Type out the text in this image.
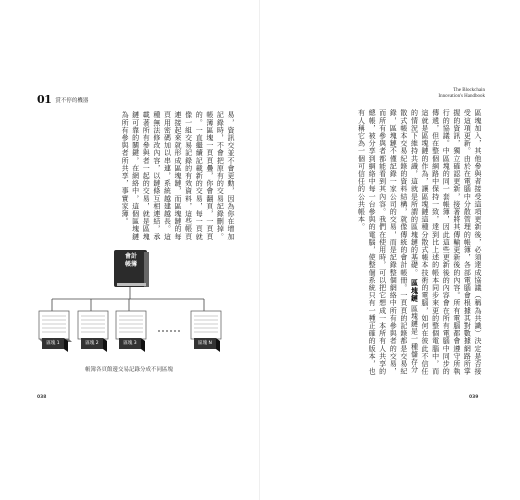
01 賞不停的機器
易，資訊交並不會更動，因為你在增加記錄時，不會把原有的交易記錄刪掉。帳簿區塊一頁頁疊，你會翻頁，一頁頁的。一直繼續記載新的交易，每一頁就像一組交易記錄的有效資料，這些帳頁連接起來就形成區塊鏈，而區塊鏈的每頁用密碼加以串連，系統越建越長。這種無法修改內容，以鏈條互相連結，承載著所有參與者一起的交易，就是區塊鏈可靠的關鍵，在網絡中，這個區塊鏈為所有參與者所共享，事實家簿。
會計
帳簿
區塊 1	區塊 2	區塊 3	區塊 N
帳簿各頁館邊交易記錄分成不同區塊
038
The Blockchain
Innovation's Handbook
區塊加入，其他參與者接受這項更新後，必須達成協議（稱為共識）決定是否接受這項更新。由於在電腦中分散管理的帳簿，各部電腦會根據其對數據網路所掌握的資訊，獨立確認更新，接著將其傳輸更新後的內容。所有電腦都會遵守所執行的協議。中區塊的同一套帳簿，因此這些更新後的內容會在所有電腦中同步的傳遞，但在整個網路中保持一致，達到比上述的帳本同步來更的整個電腦中，而這就是區塊鏈的作為，讓區塊鏈這種分散式帳本技術的電腦，如何在彼此不信任的情況下維持共識，這就是所謂的區塊鏈的基礎。 區塊鏈 區塊鏈是一種儲存分散式帳本交易紀錄的資料結構，就像傳統的會計帳冊。一頁頁的記錄都是交易紀錄，區塊鏈不僅記錄一家公司的交易，而是記錄整個網絡中所有參與者的交易，而所有參與者都能看到其內容。我們在使用時，可以把它想成一本所有人共享的總帳，被分享到網絡中每一台參與的電腦，使整個系統只有一種正確的版本，也有人稱它為一個可信任的公共帳本。
039
